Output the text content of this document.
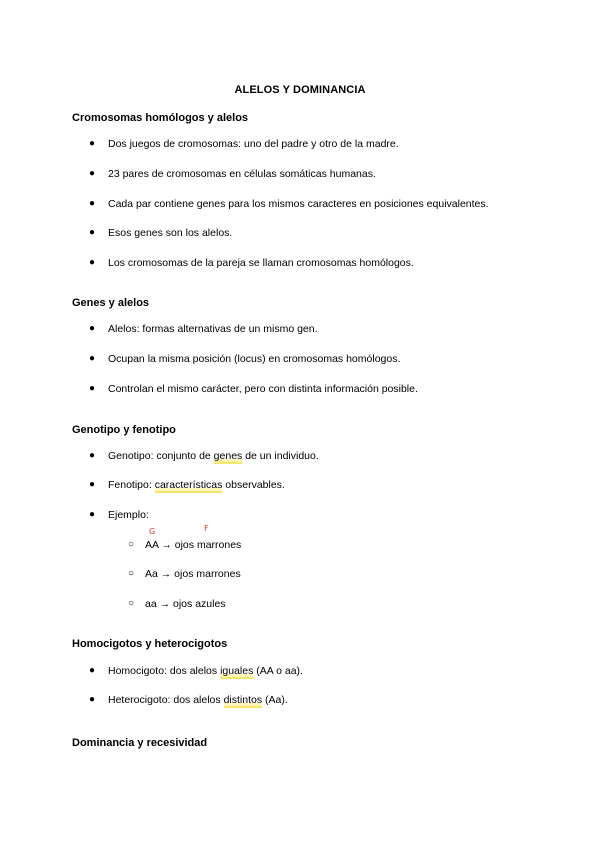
ALELOS Y DOMINANCIA
Cromosomas homólogos y alelos
● Dos juegos de cromosomas: uno del padre y otro de la madre.
● 23 pares de cromosomas en células somáticas humanas.
● Cada par contiene genes para los mismos caracteres en posiciones equivalentes.
● Esos genes son los alelos.
● Los cromosomas de la pareja se llaman cromosomas homólogos.
Genes y alelos
● Alelos: formas alternativas de un mismo gen.
● Ocupan la misma posición (locus) en cromosomas homólogos.
● Controlan el mismo carácter, pero con distinta información posible.
Genotipo y fenotipo
● Genotipo: conjunto de genes de un individuo.
● Fenotipo: características observables.
● Ejemplo:
G	F
○ AA → ojos marrones
○ Aa → ojos marrones
○ aa → ojos azules
Homocigotos y heterocigotos
● Homocigoto: dos alelos iguales (AA o aa).
● Heterocigoto: dos alelos distintos (Aa).
Dominancia y recesividad
